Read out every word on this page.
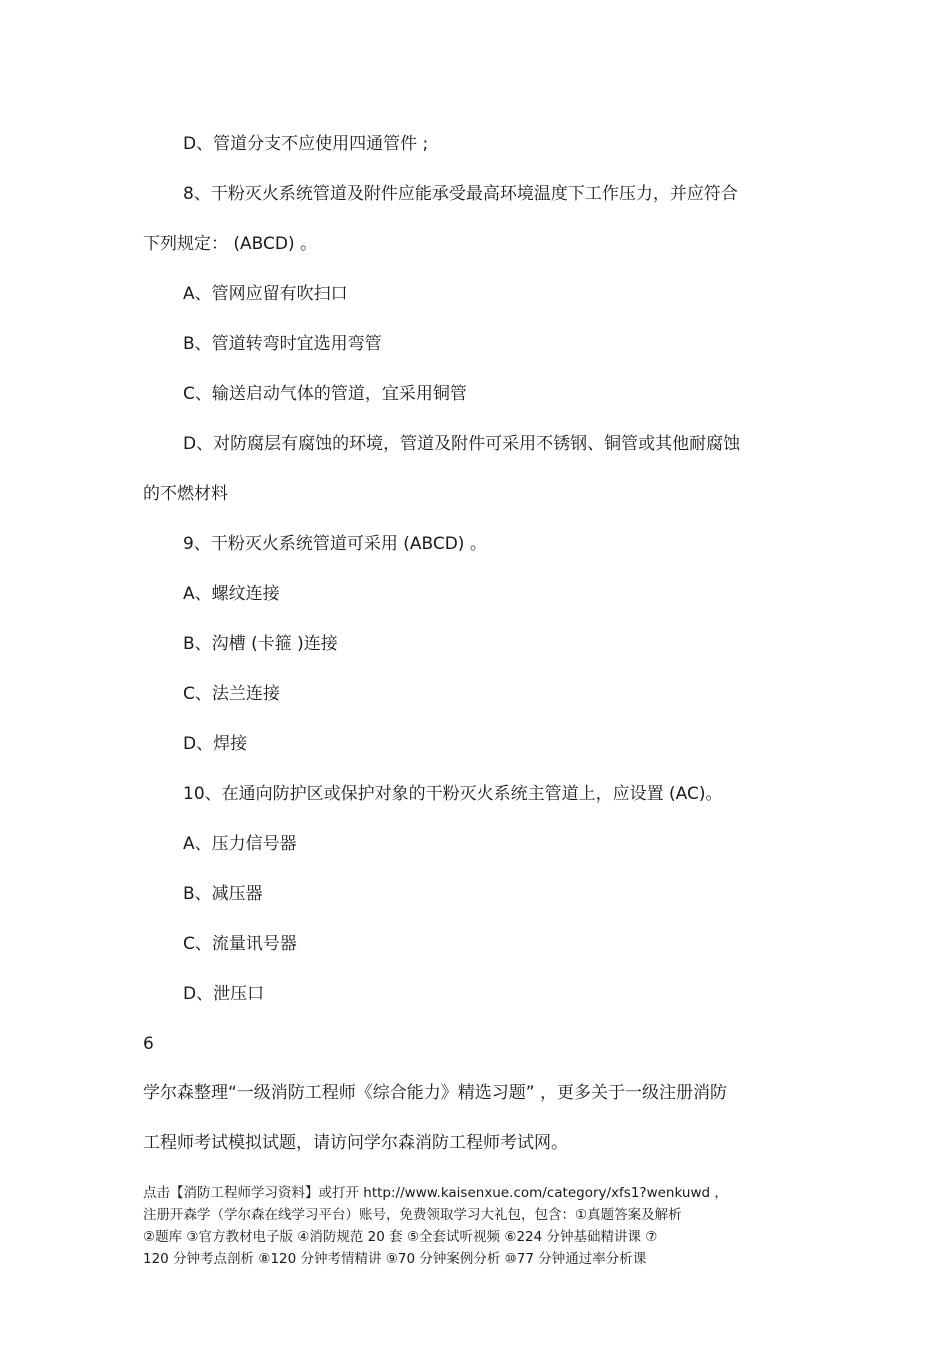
D、管道分支不应使用四通管件 ;
8、干粉灭火系统管道及附件应能承受最高环境温度下工作压力，并应符合
下列规定： (ABCD) 。
A、管网应留有吹扫口
B、管道转弯时宜选用弯管
C、输送启动气体的管道，宜采用铜管
D、对防腐层有腐蚀的环境，管道及附件可采用不锈钢、铜管或其他耐腐蚀
的不燃材料
9、干粉灭火系统管道可采用 (ABCD) 。
A、螺纹连接
B、沟槽 (卡箍 )连接
C、法兰连接
D、焊接
10、在通向防护区或保护对象的干粉灭火系统主管道上，应设置 (AC)。
A、压力信号器
B、减压器
C、流量讯号器
D、泄压口
6
学尔森整理“一级消防工程师《综合能力》精选习题” ，更多关于一级注册消防
工程师考试模拟试题，请访问学尔森消防工程师考试网。
点击【消防工程师学习资料】或打开 http://www.kaisenxue.com/category/xfs1?wenkuwd ，
注册开森学（学尔森在线学习平台）账号，免费领取学习大礼包，包含：①真题答案及解析
②题库 ③官方教材电子版 ④消防规范 20 套 ⑤全套试听视频 ⑥224 分钟基础精讲课 ⑦
120 分钟考点剖析 ⑧120 分钟考情精讲 ⑨70 分钟案例分析 ⑩77 分钟通过率分析课
